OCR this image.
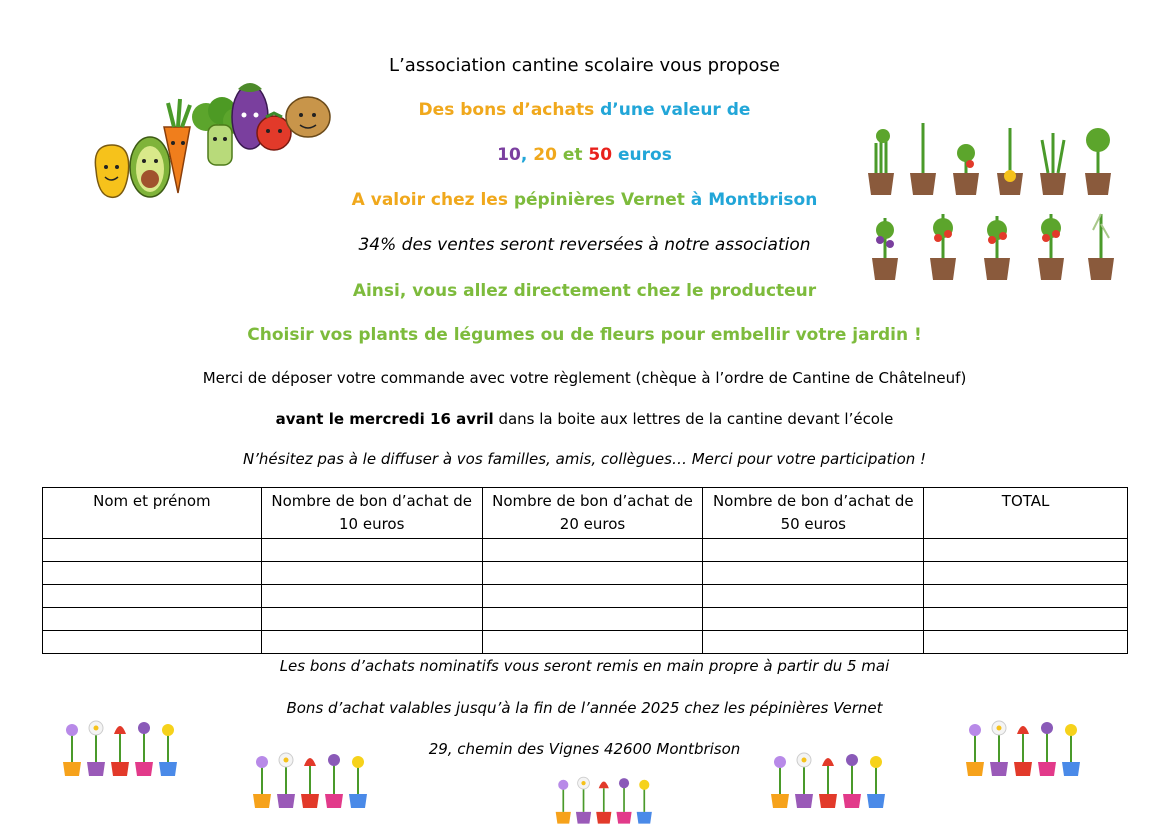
L’association cantine scolaire vous propose
Des bons d’achats d’une valeur de
10, 20 et 50 euros
A valoir chez les pépinières Vernet à Montbrison
34% des ventes seront reversées à notre association
Ainsi, vous allez directement chez le producteur
Choisir vos plants de légumes ou de fleurs pour embellir votre jardin !
Merci de déposer votre commande avec votre règlement (chèque à l’ordre de Cantine de Châtelneuf)
avant le mercredi 16 avril dans la boite aux lettres de la cantine devant l’école
N’hésitez pas à le diffuser à vos familles, amis, collègues… Merci pour votre participation !
Nom et prénom	Nombre de bon d’achat de 10 euros	Nombre de bon d’achat de 20 euros	Nombre de bon d’achat de 50 euros	TOTAL

Les bons d’achats nominatifs vous seront remis en main propre à partir du 5 mai
Bons d’achat valables jusqu’à la fin de l’année 2025 chez les pépinières Vernet
29, chemin des Vignes 42600 Montbrison
